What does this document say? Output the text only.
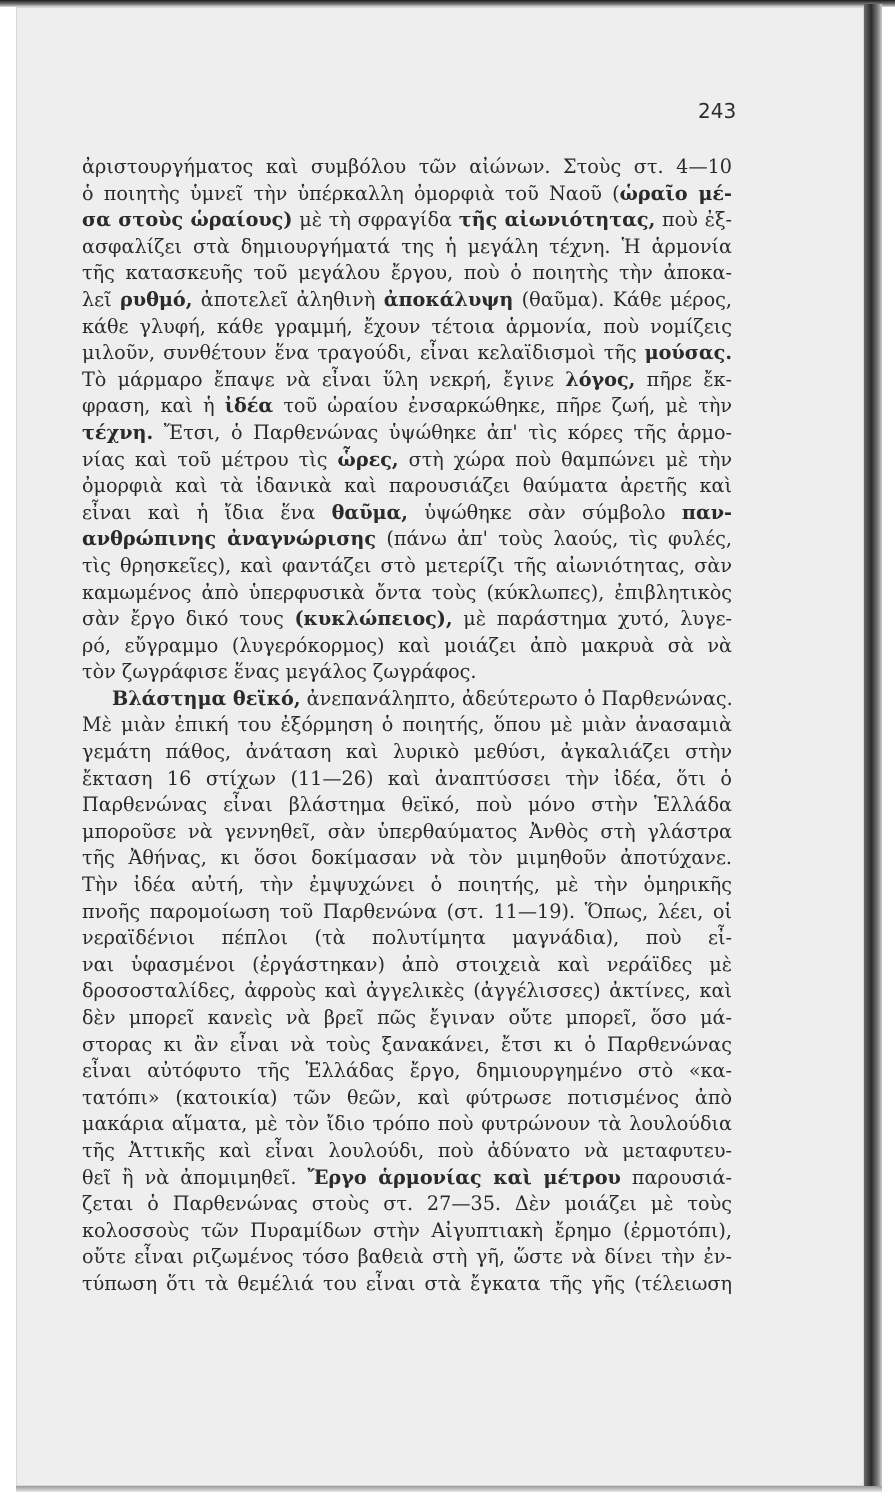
243
ἀριστουργήματος καὶ συμβόλου τῶν αἰώνων. Στοὺς στ. 4—10
ὁ ποιητὴς ὑμνεῖ τὴν ὑπέρκαλλη ὀμορφιὰ τοῦ Ναοῦ (ὡραῖο μέ-
σα στοὺς ὡραίους) μὲ τὴ σφραγίδα τῆς αἰωνιότητας, ποὺ ἐξ-
ασφαλίζει στὰ δημιουργήματά της ἡ μεγάλη τέχνη. Ἡ ἁρμονία
τῆς κατασκευῆς τοῦ μεγάλου ἔργου, ποὺ ὁ ποιητὴς τὴν ἀποκα-
λεῖ ρυθμό, ἀποτελεῖ ἀληθινὴ ἀποκάλυψη (θαῦμα). Κάθε μέρος,
κάθε γλυφή, κάθε γραμμή, ἔχουν τέτοια ἁρμονία, ποὺ νομίζεις
μιλοῦν, συνθέτουν ἕνα τραγούδι, εἶναι κελαϊδισμοὶ τῆς μούσας.
Τὸ μάρμαρο ἔπαψε νὰ εἶναι ὕλη νεκρή, ἔγινε λόγος, πῆρε ἔκ-
φραση, καὶ ἡ ἰδέα τοῦ ὡραίου ἐνσαρκώθηκε, πῆρε ζωή, μὲ τὴν
τέχνη. Ἔτσι, ὁ Παρθενώνας ὑψώθηκε ἀπ' τὶς κόρες τῆς ἁρμο-
νίας καὶ τοῦ μέτρου τὶς ὧρες, στὴ χώρα ποὺ θαμπώνει μὲ τὴν
ὀμορφιὰ καὶ τὰ ἰδανικὰ καὶ παρουσιάζει θαύματα ἀρετῆς καὶ
εἶναι καὶ ἡ ἴδια ἕνα θαῦμα, ὑψώθηκε σὰν σύμβολο παν-
ανθρώπινης ἀναγνώρισης (πάνω ἀπ' τοὺς λαούς, τὶς φυλές,
τὶς θρησκεῖες), καὶ φαντάζει στὸ μετερίζι τῆς αἰωνιότητας, σὰν
καμωμένος ἀπὸ ὑπερφυσικὰ ὄντα τοὺς (κύκλωπες), ἐπιβλητικὸς
σὰν ἔργο δικό τους (κυκλώπειος), μὲ παράστημα χυτό, λυγε-
ρό, εὔγραμμο (λυγερόκορμος) καὶ μοιάζει ἀπὸ μακρυὰ σὰ νὰ
τὸν ζωγράφισε ἕνας μεγάλος ζωγράφος.
Βλάστημα θεϊκό, ἀνεπανάληπτο, ἀδεύτερωτο ὁ Παρθενώνας.
Μὲ μιὰν ἐπική του ἐξόρμηση ὁ ποιητής, ὅπου μὲ μιὰν ἀνασαμιὰ
γεμάτη πάθος, ἀνάταση καὶ λυρικὸ μεθύσι, ἀγκαλιάζει στὴν
ἔκταση 16 στίχων (11—26) καὶ ἀναπτύσσει τὴν ἰδέα, ὅτι ὁ
Παρθενώνας εἶναι βλάστημα θεϊκό, ποὺ μόνο στὴν Ἑλλάδα
μποροῦσε νὰ γεννηθεῖ, σὰν ὑπερθαύματος Ἀνθὸς στὴ γλάστρα
τῆς Ἀθήνας, κι ὅσοι δοκίμασαν νὰ τὸν μιμηθοῦν ἀποτύχανε.
Τὴν ἰδέα αὐτή, τὴν ἐμψυχώνει ὁ ποιητής, μὲ τὴν ὁμηρικῆς
πνοῆς παρομοίωση τοῦ Παρθενώνα (στ. 11—19). Ὅπως, λέει, οἱ
νεραϊδένιοι πέπλοι (τὰ πολυτίμητα μαγνάδια), ποὺ εἶ-
ναι ὑφασμένοι (ἐργάστηκαν) ἀπὸ στοιχειὰ καὶ νεράϊδες μὲ
δροσοσταλίδες, ἀφροὺς καὶ ἀγγελικὲς (ἀγγέλισσες) ἀκτίνες, καὶ
δὲν μπορεῖ κανεὶς νὰ βρεῖ πῶς ἔγιναν οὔτε μπορεῖ, ὅσο μά-
στορας κι ἂν εἶναι νὰ τοὺς ξανακάνει, ἔτσι κι ὁ Παρθενώνας
εἶναι αὐτόφυτο τῆς Ἑλλάδας ἔργο, δημιουργημένο στὸ «κα-
τατόπι» (κατοικία) τῶν θεῶν, καὶ φύτρωσε ποτισμένος ἀπὸ
μακάρια αἵματα, μὲ τὸν ἴδιο τρόπο ποὺ φυτρώνουν τὰ λουλούδια
τῆς Ἀττικῆς καὶ εἶναι λουλούδι, ποὺ ἀδύνατο νὰ μεταφυτευ-
θεῖ ἢ νὰ ἀπομιμηθεῖ. Ἔργο ἁρμονίας καὶ μέτρου παρουσιά-
ζεται ὁ Παρθενώνας στοὺς στ. 27—35. Δὲν μοιάζει μὲ τοὺς
κολοσσοὺς τῶν Πυραμίδων στὴν Αἰγυπτιακὴ ἔρημο (ἐρμοτόπι),
οὔτε εἶναι ριζωμένος τόσο βαθειὰ στὴ γῆ, ὥστε νὰ δίνει τὴν ἐν-
τύπωση ὅτι τὰ θεμέλιά του εἶναι στὰ ἔγκατα τῆς γῆς (τέλειωση
